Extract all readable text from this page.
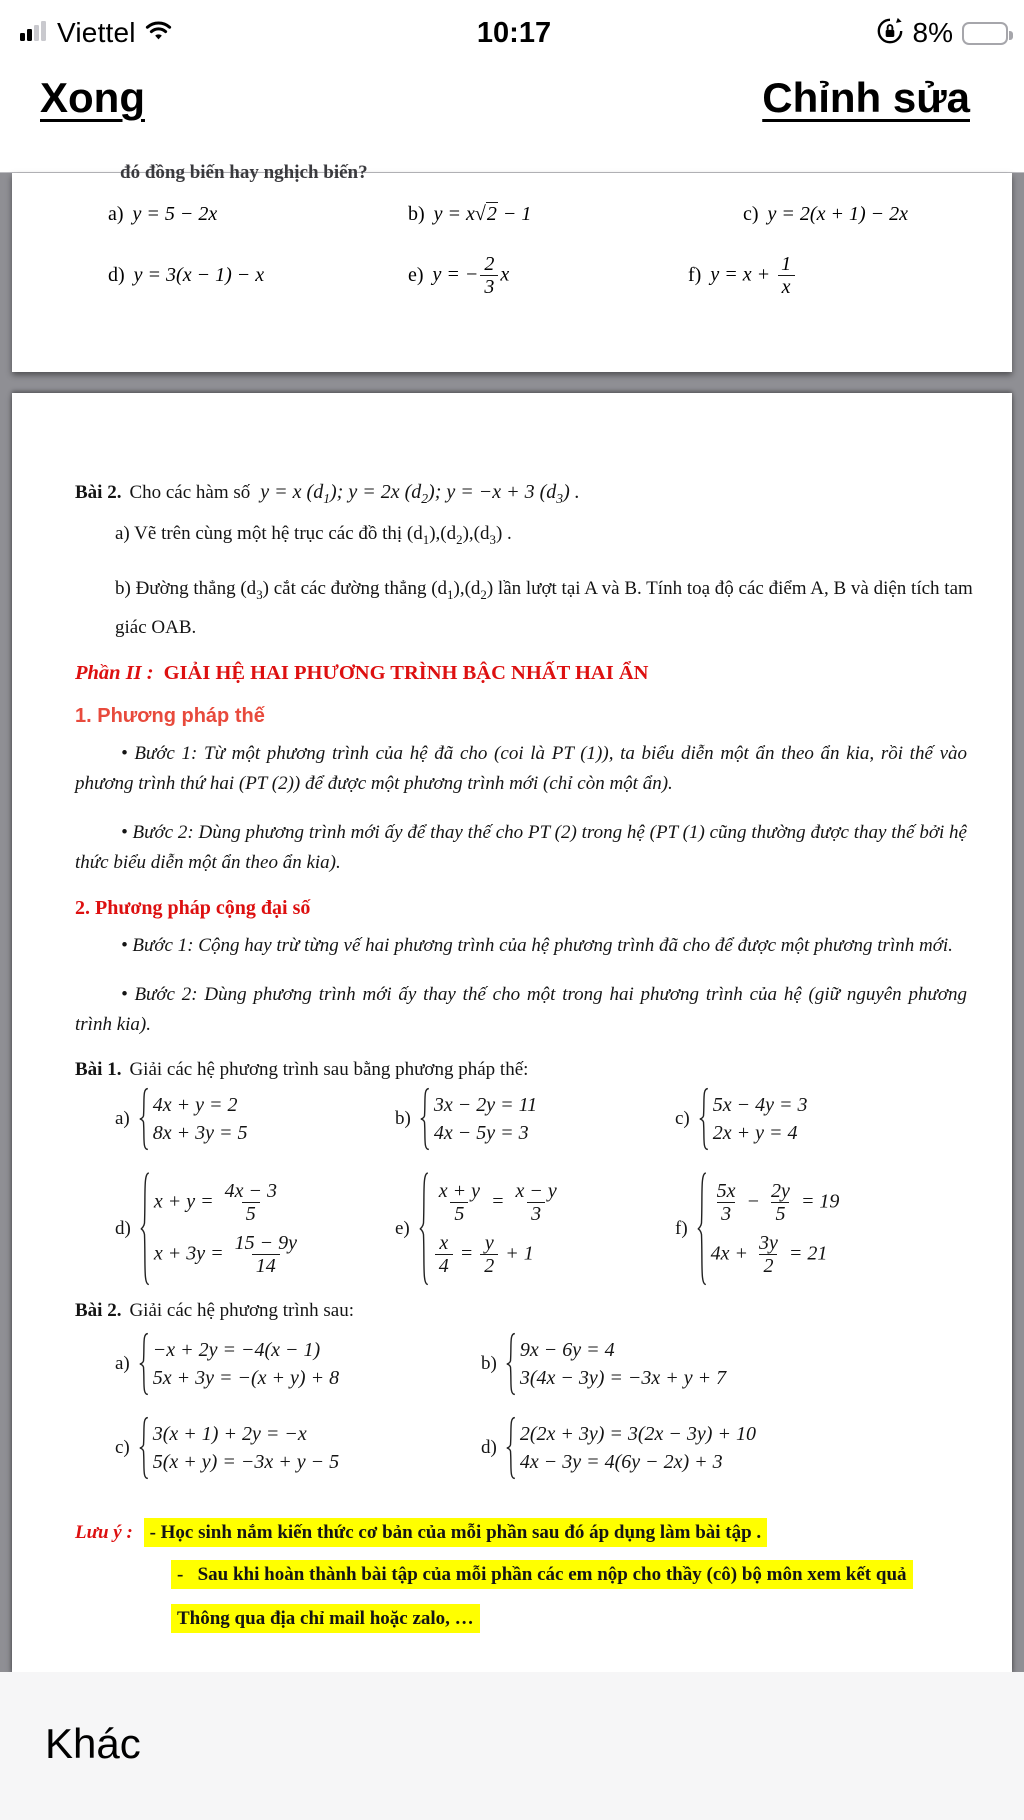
Viettel	10:17	8%
Xong	Chỉnh sửa
đó đồng biến hay nghịch biến?
a) y = 5 − 2x	b) y = x√2 − 1	c) y = 2(x + 1) − 2x
d) y = 3(x − 1) − x	e) y = − $\frac{2}{3}$ x	f) $y = x + \frac{1}{x}$
Bài 2. Cho các hàm số y = x $(d_1)$; y = 2x $(d_2)$; y = −x + 3 $(d_3)$ .
a) Vẽ trên cùng một hệ trục các đồ thị $(d_1),(d_2),(d_3)$ .
b) Đường thẳng $(d_3)$ cắt các đường thẳng $(d_1),(d_2)$ lần lượt tại A và B. Tính toạ độ các điểm A, B và diện tích tam giác OAB.
Phần II : GIẢI HỆ HAI PHƯƠNG TRÌNH BẬC NHẤT HAI ẨN
1. Phương pháp thế

• Bước 1: Từ một phương trình của hệ đã cho (coi là PT (1)), ta biểu diễn một ẩn theo ẩn kia, rồi thế vào phương trình thứ hai (PT (2)) để được một phương trình mới (chỉ còn một ẩn).

• Bước 2: Dùng phương trình mới ấy để thay thế cho PT (2) trong hệ (PT (1) cũng thường được thay thế bởi hệ thức biểu diễn một ẩn theo ẩn kia).

2. Phương pháp cộng đại số

• Bước 1: Cộng hay trừ từng vế hai phương trình của hệ phương trình đã cho để được một phương trình mới.

• Bước 2: Dùng phương trình mới ấy thay thế cho một trong hai phương trình của hệ (giữ nguyên phương trình kia).

Bài 1. Giải các hệ phương trình sau bằng phương pháp thế:
a)
4x + y = 2
8x + 3y = 5
b)
3x − 2y = 11
4x − 5y = 3
c)
5x − 4y = 3
2x + y = 4
d)
$x + y = \frac{4x - 3}{5}$
$x + 3y = \frac{15 - 9y}{14}$
e)
$\frac{x + y}{5} = \frac{x - y}{3}$
$\frac{x}{4} = \frac{y}{2} + 1$
f)
$\frac{5x}{3} - \frac{2y}{5} = 19$
$4x + \frac{3y}{2} = 21$
Bài 2. Giải các hệ phương trình sau:
a)
−x + 2y = −4(x − 1)
5x + 3y = −(x + y) + 8
b)
9x − 6y = 4
3(4x − 3y) = −3x + y + 7
c)
3(x + 1) + 2y = −x
5(x + y) = −3x + y − 5
d)
2(2x + 3y) = 3(2x − 3y) + 10
4x − 3y = 4(6y − 2x) + 3
Lưu ý : - Học sinh nắm kiến thức cơ bản của mỗi phần sau đó áp dụng làm bài tập .
-   Sau khi hoàn thành bài tập của mỗi phần các em nộp cho thầy (cô) bộ môn xem kết quả
Thông qua địa chỉ mail hoặc zalo, …
Khác
